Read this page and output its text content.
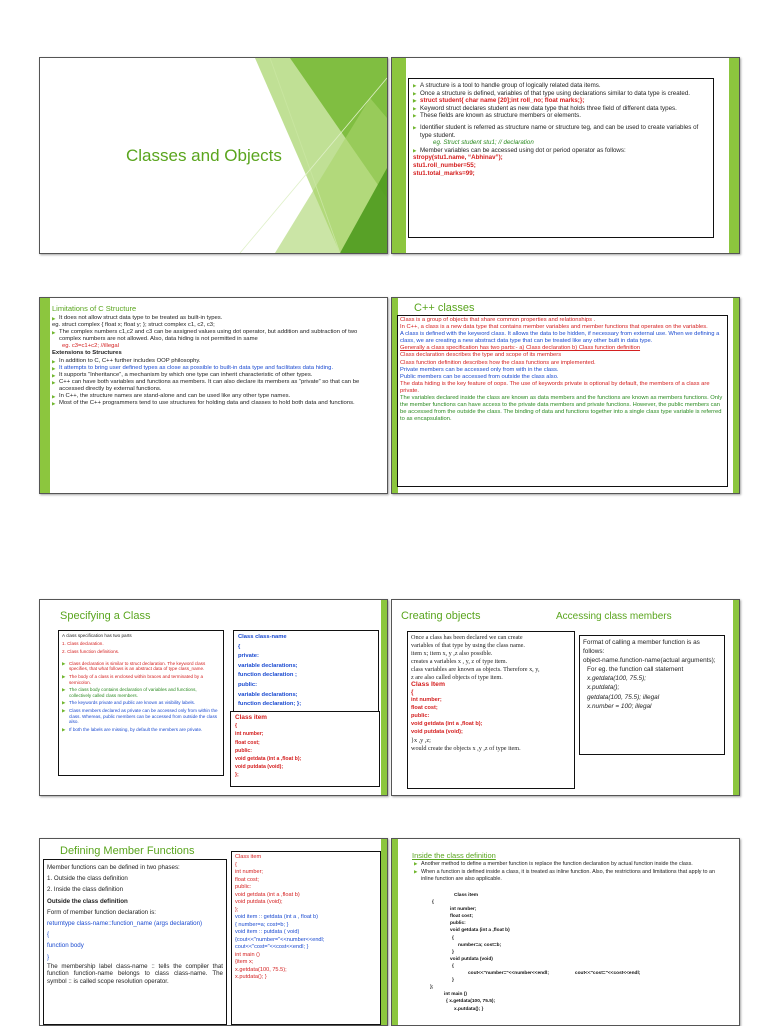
Classes and Objects
C Structure

▶ A structure is a tool to handle group of logically related data items.

▶ Once a structure is defined, variables of that type using declarations similar to data type is created.

▶ struct student{ char name [20];int roll_no; float marks;};

▶ Keyword struct declares student as new data type that holds three field of different data types.

▶ These fields are known as structure members or elements.

▶ Identifier student is referred as structure name or structure teg, and can be used to create variables of type student.

eg. Struct student stu1; // declaration

▶ Member variables can be accessed using dot or period operator as follows:

stropy(stu1.name, “Abhinav”);

stu1.roll_number=55;

stu1.total_marks=99;

Limitations of C Structure

▶ It does not allow struct data type to be treated as built-in types.

eg. struct complex { float x; float y; }; struct complex c1, c2, c3;

▶ The complex numbers c1,c2 and c3 can be assigned values using dot operator, but addition and subtraction of two complex numbers are not allowed. Also, data hiding is not permitted in same

eg. c3=c1+c2; //illegal

Extensions to Structures

▶ In addition to C, C++ further includes OOP philosophy.

▶ It attempts to bring user defined types as close as possible to built-in data type and facilitates data hiding.

▶ It supports “Inheritance”, a mechanism by which one type can inherit characteristic of other types.

▶ C++ can have both variables and functions as members. It can also declare its members as “private” so that can be accessed directly by external functions.

▶ In C++, the structure names are stand-alone and can be used like any other type names.

▶ Most of the C++ programmers tend to use structures for holding data and classes to hold both data and functions.

C++ classes

Class is a group of objects that share common properties and relationships .

In C++, a class is a new data type that contains member variables and member functions that operates on the variables.

A class is defined with the keyword class. It allows the data to be hidden, if necessary from external use. When we defining a class, we are creating a new abstract data type that can be treated like any other built in data type.

Generally a class specification has two parts:- a) Class declaration b) Class function definition

Class declaration describes the type and scope of its members

Class function definition describes how the class functions are implemented.

Private members can be accessed only from with in the class.

Public members can be accessed from outside the class also.

The data hiding is the key feature of oops. The use of keywords private is optional by default, the members of a class are private.

The variables declared inside the class are known as data members and the functions are known as members functions. Only the member functions can have access to the private data members and private functions. However, the public members can be accessed from the outside the class. The binding of data and functions together into a single class type variable is referred to as encapsulation.

Specifying a Class

A class specification has two parts

1. Class declaration.

2. Class function definitions.

▶ Class declaration is similar to struct declaration. The keyword class specifies, that what follows is an abstract data of type class_name.

▶ The body of a class is enclosed within braces and terminated by a semicolon.

▶ The class body contains declaration of variables and functions, collectively called class members.

▶ The keywords private and public are known as visibility labels.

▶ Class members declared as private can be accessed only from within the class. Whereas, public members can be accessed from outside the class also.

▶ If both the labels are missing, by default the members are private.

Class class-name

{

private:

variable declarations;

function declaration ;

public:

variable declarations;

function declaration; };

Class item

{

int number;

float cost;

public:

void getdata (int a ,float b);

void putdata (void);

};

Creating objects	Accessing class members

Once a class has been declared we can create

variables of that type by using the class name.

item x; item x, y ,z also possible.

creates a variables x , y, z of type item.

class variables are known as objects. Therefore x, y,

z are also called objects of type item.

Class Item

{

int number;

float cost;

public:

void getdata (int a ,float b);

void putdata (void);

}x ,y ,z;

would create the objects x ,y ,z of type item.

Format of calling a member function is as follows:

object-name.function-name(actual arguments);

For eg. the function call statement

x.getdata(100, 75.5);

x.putdata();

getdata(100, 75.5); illegal

x.number = 100; illegal

Defining Member Functions

Member functions can be defined in two phases:

1. Outside the class definition

2. Inside the class definition

Outside the class definition

Form of member function declaration is:

returntype class-name::function_name (args declaration)

{

function body

}

The membership label class-name :: tells the compiler that function function-name belongs to class class-name. The symbol :: is called scope resolution operator.

Class item

{

int number;

float cost;

public:

void getdata (int a ,float b)

void putdata (void);

};

void item :: getdata (int a , float b)

{ number=a; cost=b; }

void item :: putdata ( void)

{cout<<"number="<<number<<endl;

cout<<"cost="<<cost<<endl; }

int main ()

{item x;

x.getdata(100, 75.5);

x.putdata(); }

Inside the class definition

▶ Another method to define a member function is replace the function declaration by actual function inside the class.

▶ When a function is defined inside a class, it is treated as inline function. Also, the restrictions and limitations that apply to an inline function are also applicable.

Class item

{

int number;

float cost;

public:

void getdata (int a ,float b)

{

number=a; cost=b;

}

void putdata (void)

{

cout<<"number="<<number<<endl;	cout<<"cost="<<cost<<endl;

}

};

int main ()

{ x.getdata(100, 75.5);

x.putdata(); }
